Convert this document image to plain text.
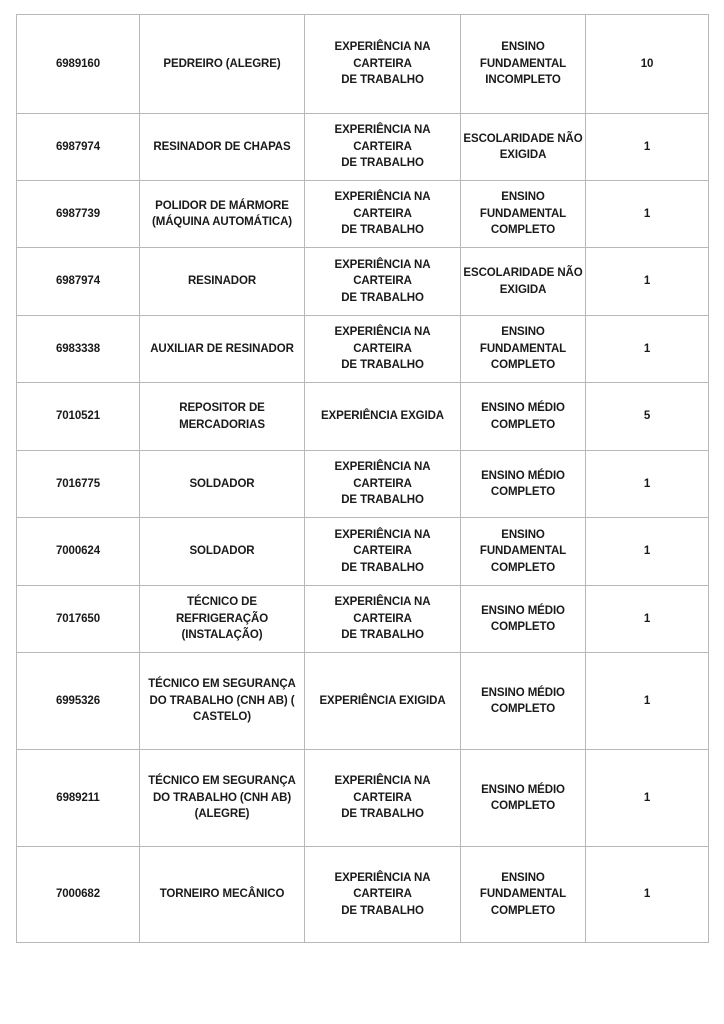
6989160	PEDREIRO (ALEGRE)	EXPERIÊNCIA NA CARTEIRA
DE TRABALHO	ENSINO
FUNDAMENTAL
INCOMPLETO	10

6987974	RESINADOR DE CHAPAS	EXPERIÊNCIA NA CARTEIRA
DE TRABALHO	ESCOLARIDADE NÃO
EXIGIDA	1

6987739	POLIDOR DE MÁRMORE
(MÁQUINA AUTOMÁTICA)	EXPERIÊNCIA NA CARTEIRA
DE TRABALHO	ENSINO
FUNDAMENTAL
COMPLETO	1

6987974	RESINADOR	EXPERIÊNCIA NA CARTEIRA
DE TRABALHO	ESCOLARIDADE NÃO
EXIGIDA	1

6983338	AUXILIAR DE RESINADOR	EXPERIÊNCIA NA CARTEIRA
DE TRABALHO	ENSINO
FUNDAMENTAL
COMPLETO	1

7010521	REPOSITOR DE
MERCADORIAS	EXPERIÊNCIA EXGIDA	ENSINO MÉDIO
COMPLETO	5

7016775	SOLDADOR	EXPERIÊNCIA NA CARTEIRA
DE TRABALHO	ENSINO MÉDIO
COMPLETO	1

7000624	SOLDADOR	EXPERIÊNCIA NA CARTEIRA
DE TRABALHO	ENSINO
FUNDAMENTAL
COMPLETO	1

7017650	TÉCNICO DE REFRIGERAÇÃO
(INSTALAÇÃO)	EXPERIÊNCIA NA CARTEIRA
DE TRABALHO	ENSINO MÉDIO
COMPLETO	1

6995326	TÉCNICO EM SEGURANÇA
DO TRABALHO (CNH AB) (
CASTELO)	EXPERIÊNCIA EXIGIDA	ENSINO MÉDIO
COMPLETO	1

6989211	TÉCNICO EM SEGURANÇA
DO TRABALHO (CNH AB)
(ALEGRE)	EXPERIÊNCIA NA CARTEIRA
DE TRABALHO	ENSINO MÉDIO
COMPLETO	1

7000682	TORNEIRO MECÂNICO	EXPERIÊNCIA NA CARTEIRA
DE TRABALHO	ENSINO
FUNDAMENTAL
COMPLETO	1
